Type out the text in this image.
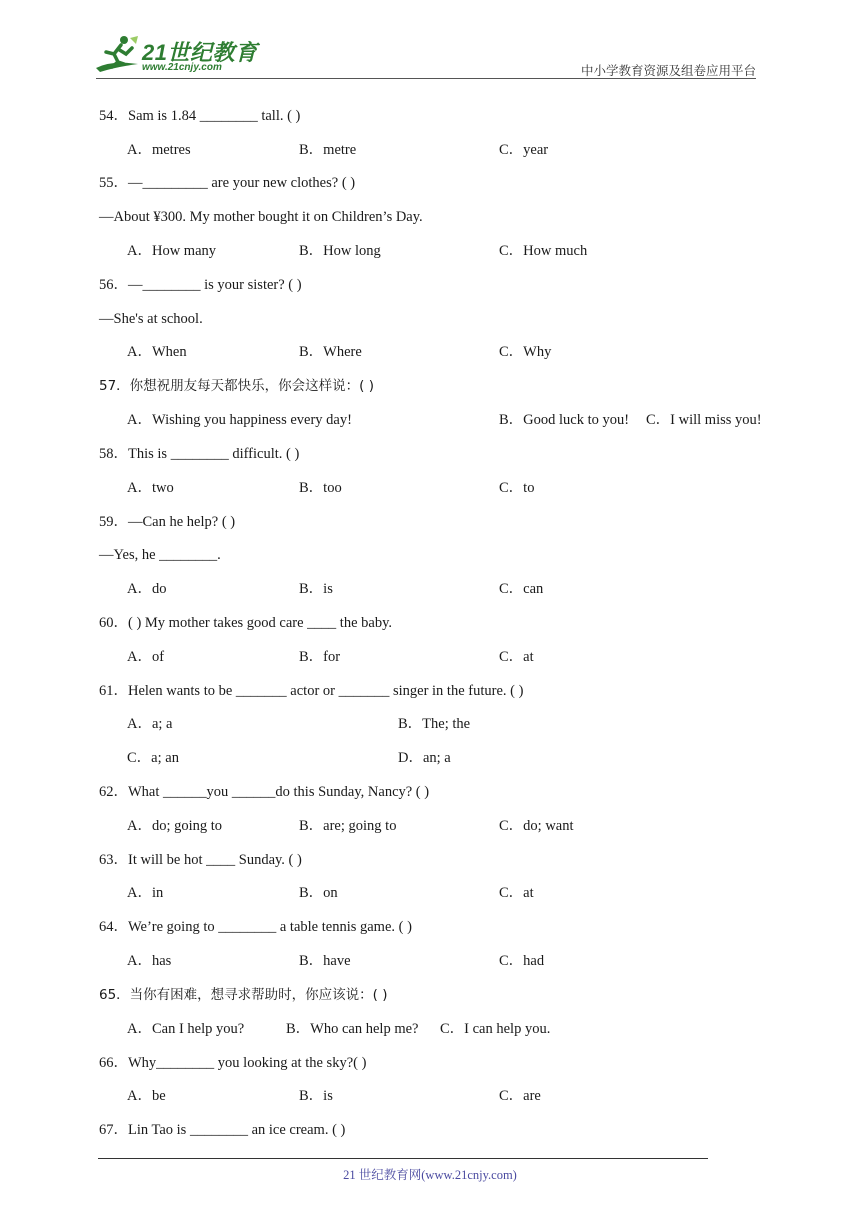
21世纪教育
www.21cnjy.com	中小学教育资源及组卷应用平台
54．Sam is 1.84 ________ tall. ( )
A．metres	B．metre	C．year
55．—_________ are your new clothes? ( )
—About ¥300. My mother bought it on Children’s Day.
A．How many	B．How long	C．How much
56．—________ is your sister? ( )
—She's at school.
A．When	B．Where	C．Why
57．你想祝朋友每天都快乐，你会这样说：( )
A．Wishing you happiness every day!	B．Good luck to you! C．I will miss you!
58．This is ________ difficult. ( )
A．two	B．too	C．to
59．—Can he help? ( )
—Yes, he ________.
A．do	B．is	C．can
60．( ) My mother takes good care ____ the baby.
A．of	B．for	C．at
61．Helen wants to be _______ actor or _______ singer in the future. ( )
A．a; a	B．The; the
C．a; an	D．an; a
62．What ______you ______do this Sunday, Nancy? ( )
A．do; going to	B．are; going to	C．do; want
63．It will be hot ____ Sunday. ( )
A．in	B．on	C．at
64．We’re going to ________ a table tennis game. ( )
A．has	B．have	C．had
65．当你有困难，想寻求帮助时，你应该说：( )
A．Can I help you?	B．Who can help me? C．I can help you.
66．Why________ you looking at the sky?( )
A．be	B．is	C．are
67．Lin Tao is ________ an ice cream. ( )
21 世纪教育网(www.21cnjy.com)
